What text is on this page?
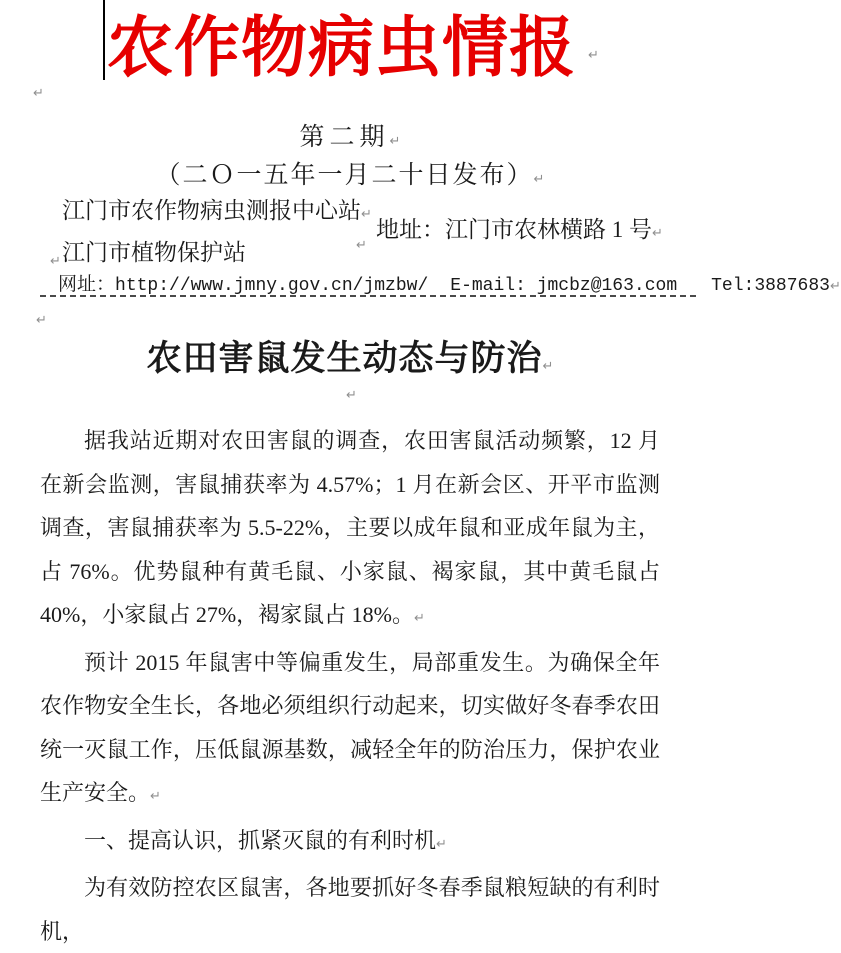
农作物病虫情报 ↵
↵
第二期↵
（二Ｏ一五年一月二十日发布）↵
江门市农作物病虫测报中心站↵
江门市植物保护站
地址：江门市农林横路 1 号↵
↵
↵
网址： http://www.jmny.gov.cn/jmzbw/ E-mail: jmcbz@163.com Tel:3887683 ↵
↵
农田害鼠发生动态与防治↵
↵

据我站近期对农田害鼠的调查，农田害鼠活动频繁，12 月在新会监测，害鼠捕获率为 4.57%；1 月在新会区、开平市监测调查，害鼠捕获率为 5.5-22%，主要以成年鼠和亚成年鼠为主，占 76%。优势鼠种有黄毛鼠、小家鼠、褐家鼠，其中黄毛鼠占 40%，小家鼠占 27%，褐家鼠占 18%。↵

预计 2015 年鼠害中等偏重发生，局部重发生。为确保全年农作物安全生长，各地必须组织行动起来，切实做好冬春季农田统一灭鼠工作，压低鼠源基数，减轻全年的防治压力，保护农业生产安全。↵

一、提高认识，抓紧灭鼠的有利时机↵

为有效防控农区鼠害，各地要抓好冬春季鼠粮短缺的有利时机，
